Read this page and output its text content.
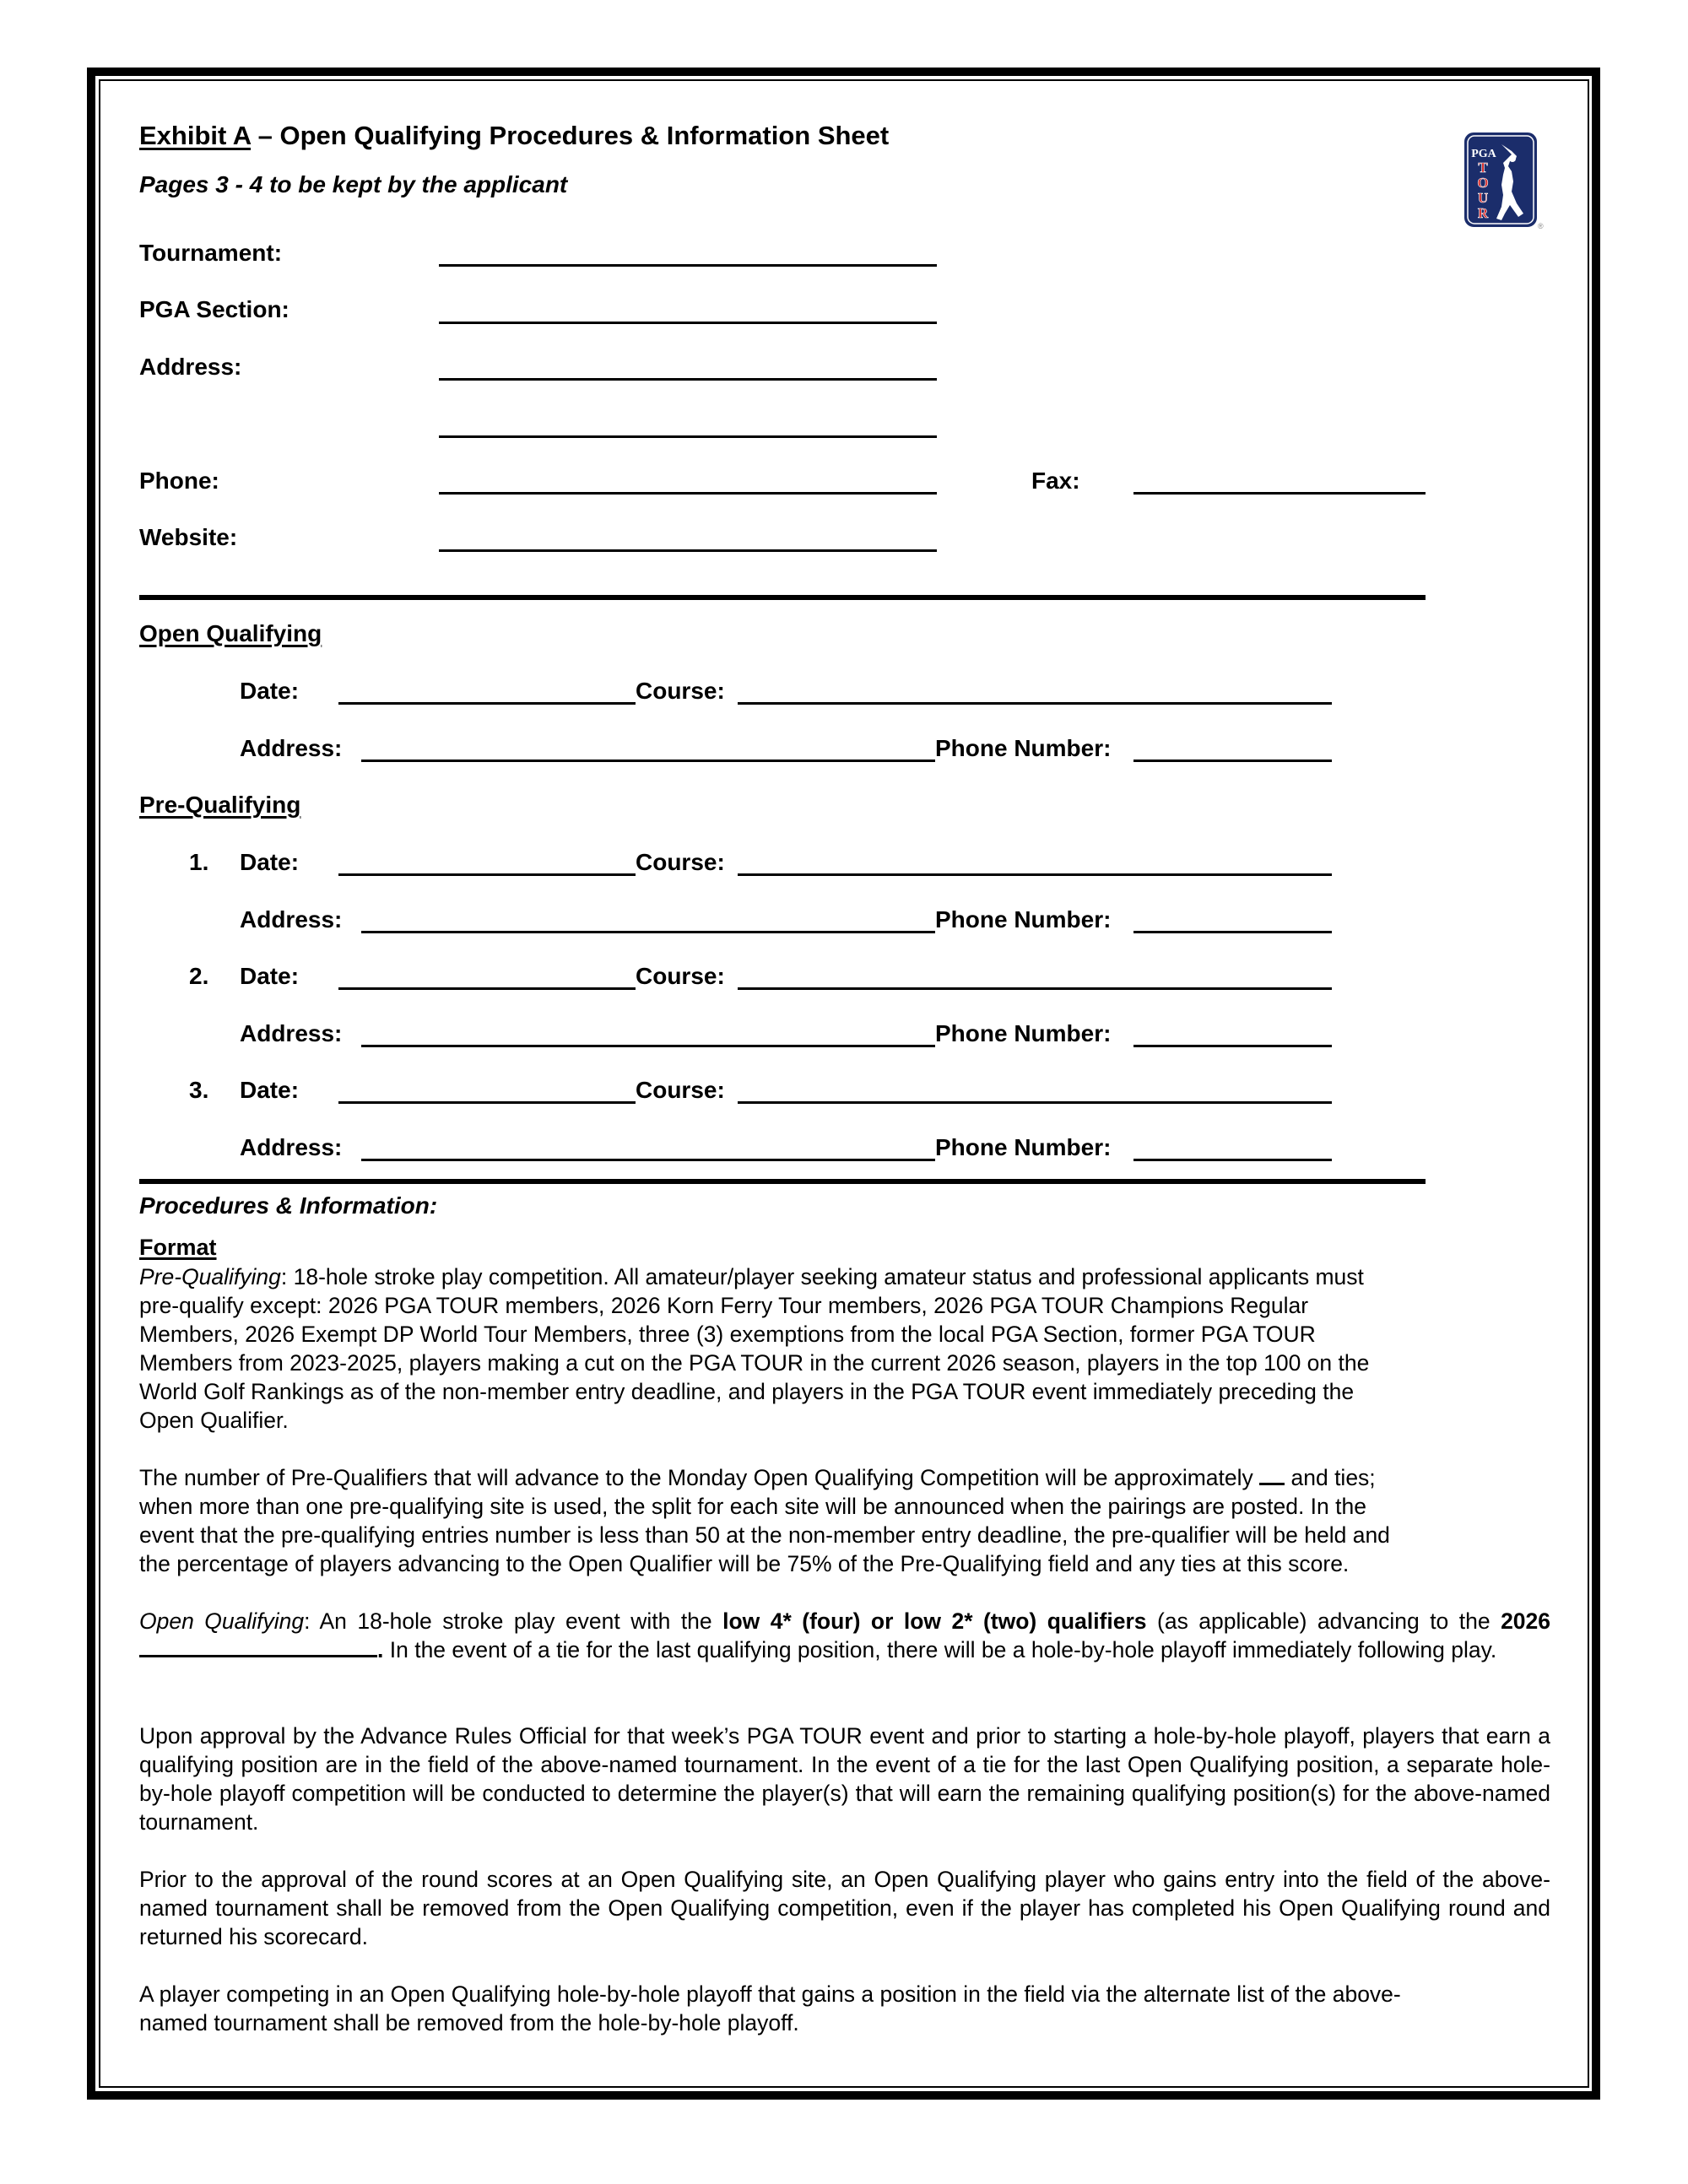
Exhibit A – Open Qualifying Procedures & Information Sheet
Pages 3 - 4 to be kept by the applicant
PGA
T
O
U
R
®
Tournament:
PGA Section:
Address:
Phone:	Fax:
Website:
Open Qualifying
Date:	Course:
Address:	Phone Number:
Pre-Qualifying
1. Date:	Course:
Address:	Phone Number:
2. Date:	Course:
Address:	Phone Number:
3. Date:	Course:
Address:	Phone Number:
Procedures & Information:
Format
Pre-Qualifying: 18-hole stroke play competition. All amateur/player seeking amateur status and professional applicants must
pre-qualify except: 2026 PGA TOUR members, 2026 Korn Ferry Tour members, 2026 PGA TOUR Champions Regular
Members, 2026 Exempt DP World Tour Members, three (3) exemptions from the local PGA Section, former PGA TOUR
Members from 2023-2025, players making a cut on the PGA TOUR in the current 2026 season, players in the top 100 on the
World Golf Rankings as of the non-member entry deadline, and players in the PGA TOUR event immediately preceding the
Open Qualifier.
The number of Pre-Qualifiers that will advance to the Monday Open Qualifying Competition will be approximately  and ties;
when more than one pre-qualifying site is used, the split for each site will be announced when the pairings are posted. In the
event that the pre-qualifying entries number is less than 50 at the non-member entry deadline, the pre-qualifier will be held and
the percentage of players advancing to the Open Qualifier will be 75% of the Pre-Qualifying field and any ties at this score.

Open Qualifying: An 18-hole stroke play event with the low 4* (four) or low 2* (two) qualifiers (as applicable) advancing to the 2026 . In the event of a tie for the last qualifying position, there will be a hole-by-hole playoff immediately following play.

Upon approval by the Advance Rules Official for that week’s PGA TOUR event and prior to starting a hole-by-hole playoff, players that earn a qualifying position are in the field of the above-named tournament. In the event of a tie for the last Open Qualifying position, a separate hole-by-hole playoff competition will be conducted to determine the player(s) that will earn the remaining qualifying position(s) for the above-named tournament.

Prior to the approval of the round scores at an Open Qualifying site, an Open Qualifying player who gains entry into the field of the above-named tournament shall be removed from the Open Qualifying competition, even if the player has completed his Open Qualifying round and returned his scorecard.

A player competing in an Open Qualifying hole-by-hole playoff that gains a position in the field via the alternate list of the above-
named tournament shall be removed from the hole-by-hole playoff.
